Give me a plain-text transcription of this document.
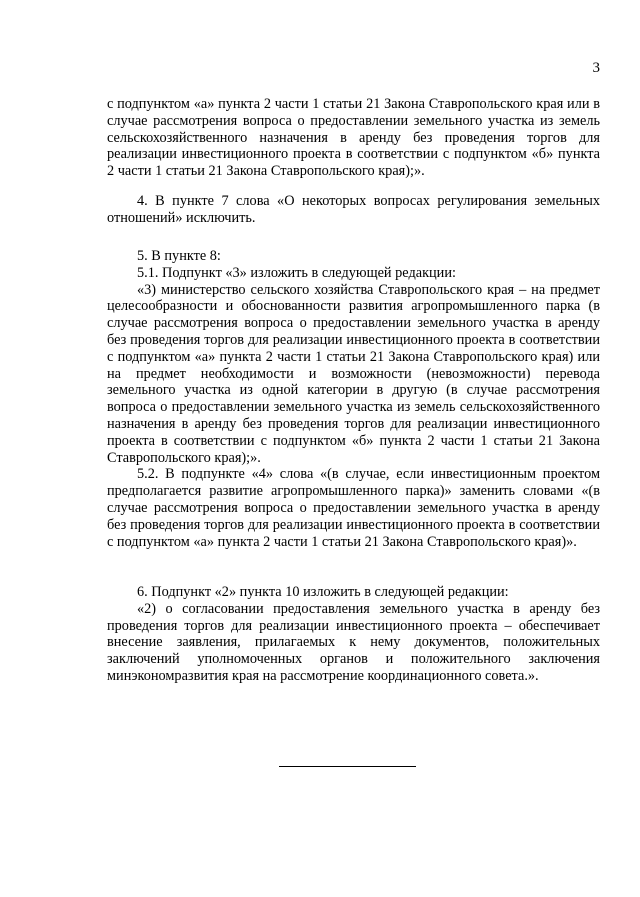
3

с подпунктом «а» пункта 2 части 1 статьи 21 Закона Ставропольского края или в случае рассмотрения вопроса о предоставлении земельного участка из земель сельскохозяйственного назначения в аренду без проведения торгов для реализации инвестиционного проекта в соответствии с подпунктом «б» пункта 2 части 1 статьи 21 Закона Ставропольского края);».

4. В пункте 7 слова «О некоторых вопросах регулирования земельных отношений» исключить.

5. В пункте 8:

5.1. Подпункт «3» изложить в следующей редакции:

«3) министерство сельского хозяйства Ставропольского края – на предмет целесообразности и обоснованности развития агропромышленного парка (в случае рассмотрения вопроса о предоставлении земельного участка в аренду без проведения торгов для реализации инвестиционного проекта в соответствии с подпунктом «а» пункта 2 части 1 статьи 21 Закона Ставропольского края) или на предмет необходимости и возможности (невозможности) перевода земельного участка из одной категории в другую (в случае рассмотрения вопроса о предоставлении земельного участка из земель сельскохозяйственного назначения в аренду без проведения торгов для реализации инвестиционного проекта в соответствии с подпунктом «б» пункта 2 части 1 статьи 21 Закона Ставропольского края);».

5.2. В подпункте «4» слова «(в случае, если инвестиционным проектом предполагается развитие агропромышленного парка)» заменить словами «(в случае рассмотрения вопроса о предоставлении земельного участка в аренду без проведения торгов для реализации инвестиционного проекта в соответствии с подпунктом «а» пункта 2 части 1 статьи 21 Закона Ставропольского края)».

6. Подпункт «2» пункта 10 изложить в следующей редакции:

«2) о согласовании предоставления земельного участка в аренду без проведения торгов для реализации инвестиционного проекта – обеспечивает внесение заявления, прилагаемых к нему документов, положительных заключений уполномоченных органов и положительного заключения минэкономразвития края на рассмотрение координационного совета.».
